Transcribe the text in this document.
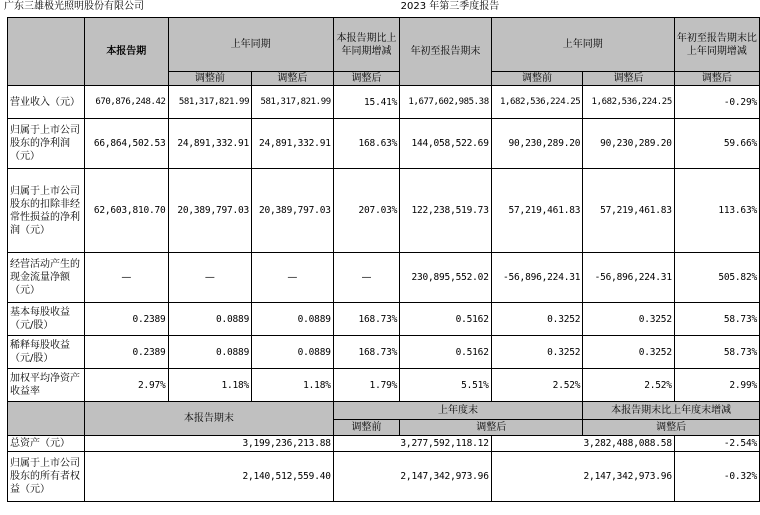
广东三雄极光照明股份有限公司	2023 年第三季度报告
	本报告期	上年同期		本报告期比上年同期增减	年初至报告期末	上年同期		年初至报告期末比上年同期增减
		调整前	调整后	调整后		调整前	调整后	调整后
营业收入（元）	670,876,248.42	581,317,821.99	581,317,821.99	15.41%	1,677,602,985.38	1,682,536,224.25	1,682,536,224.25	-0.29%
归属于上市公司股东的净利润（元）	66,864,502.53	24,891,332.91	24,891,332.91	168.63%	144,058,522.69	90,230,289.20	90,230,289.20	59.66%
归属于上市公司股东的扣除非经常性损益的净利润（元）	62,603,810.70	20,389,797.03	20,389,797.03	207.03%	122,238,519.73	57,219,461.83	57,219,461.83	113.63%
经营活动产生的现金流量净额（元）	—	—	—	—	230,895,552.02	-56,896,224.31	-56,896,224.31	505.82%
基本每股收益（元/股）	0.2389	0.0889	0.0889	168.73%	0.5162	0.3252	0.3252	58.73%
稀释每股收益（元/股）	0.2389	0.0889	0.0889	168.73%	0.5162	0.3252	0.3252	58.73%
加权平均净资产收益率	2.97%	1.18%	1.18%	1.79%	5.51%	2.52%	2.52%	2.99%
	本报告期末			上年度末			本报告期末比上年度末增减	
				调整前	调整后		调整后	
总资产（元）	3,199,236,213.88			3,277,592,118.12		3,282,488,088.58		-2.54%
归属于上市公司股东的所有者权益（元）	2,140,512,559.40			2,147,342,973.96		2,147,342,973.96		-0.32%
